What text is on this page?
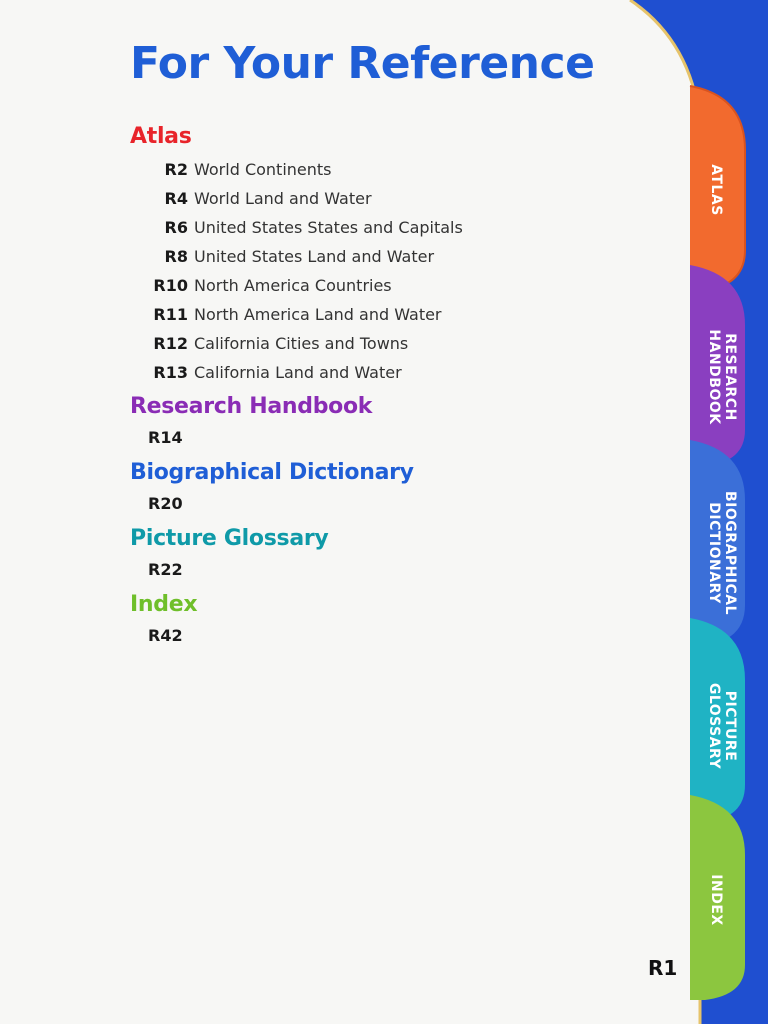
ATLAS
RESEARCH
HANDBOOK
BIOGRAPHICAL
DICTIONARY
PICTURE
GLOSSARY
INDEX
For Your Reference
Atlas
R2 World Continents
R4 World Land and Water
R6 United States States and Capitals
R8 United States Land and Water
R10 North America Countries
R11 North America Land and Water
R12 California Cities and Towns
R13 California Land and Water
Research Handbook
R14
Biographical Dictionary
R20
Picture Glossary
R22
Index
R42
R1
